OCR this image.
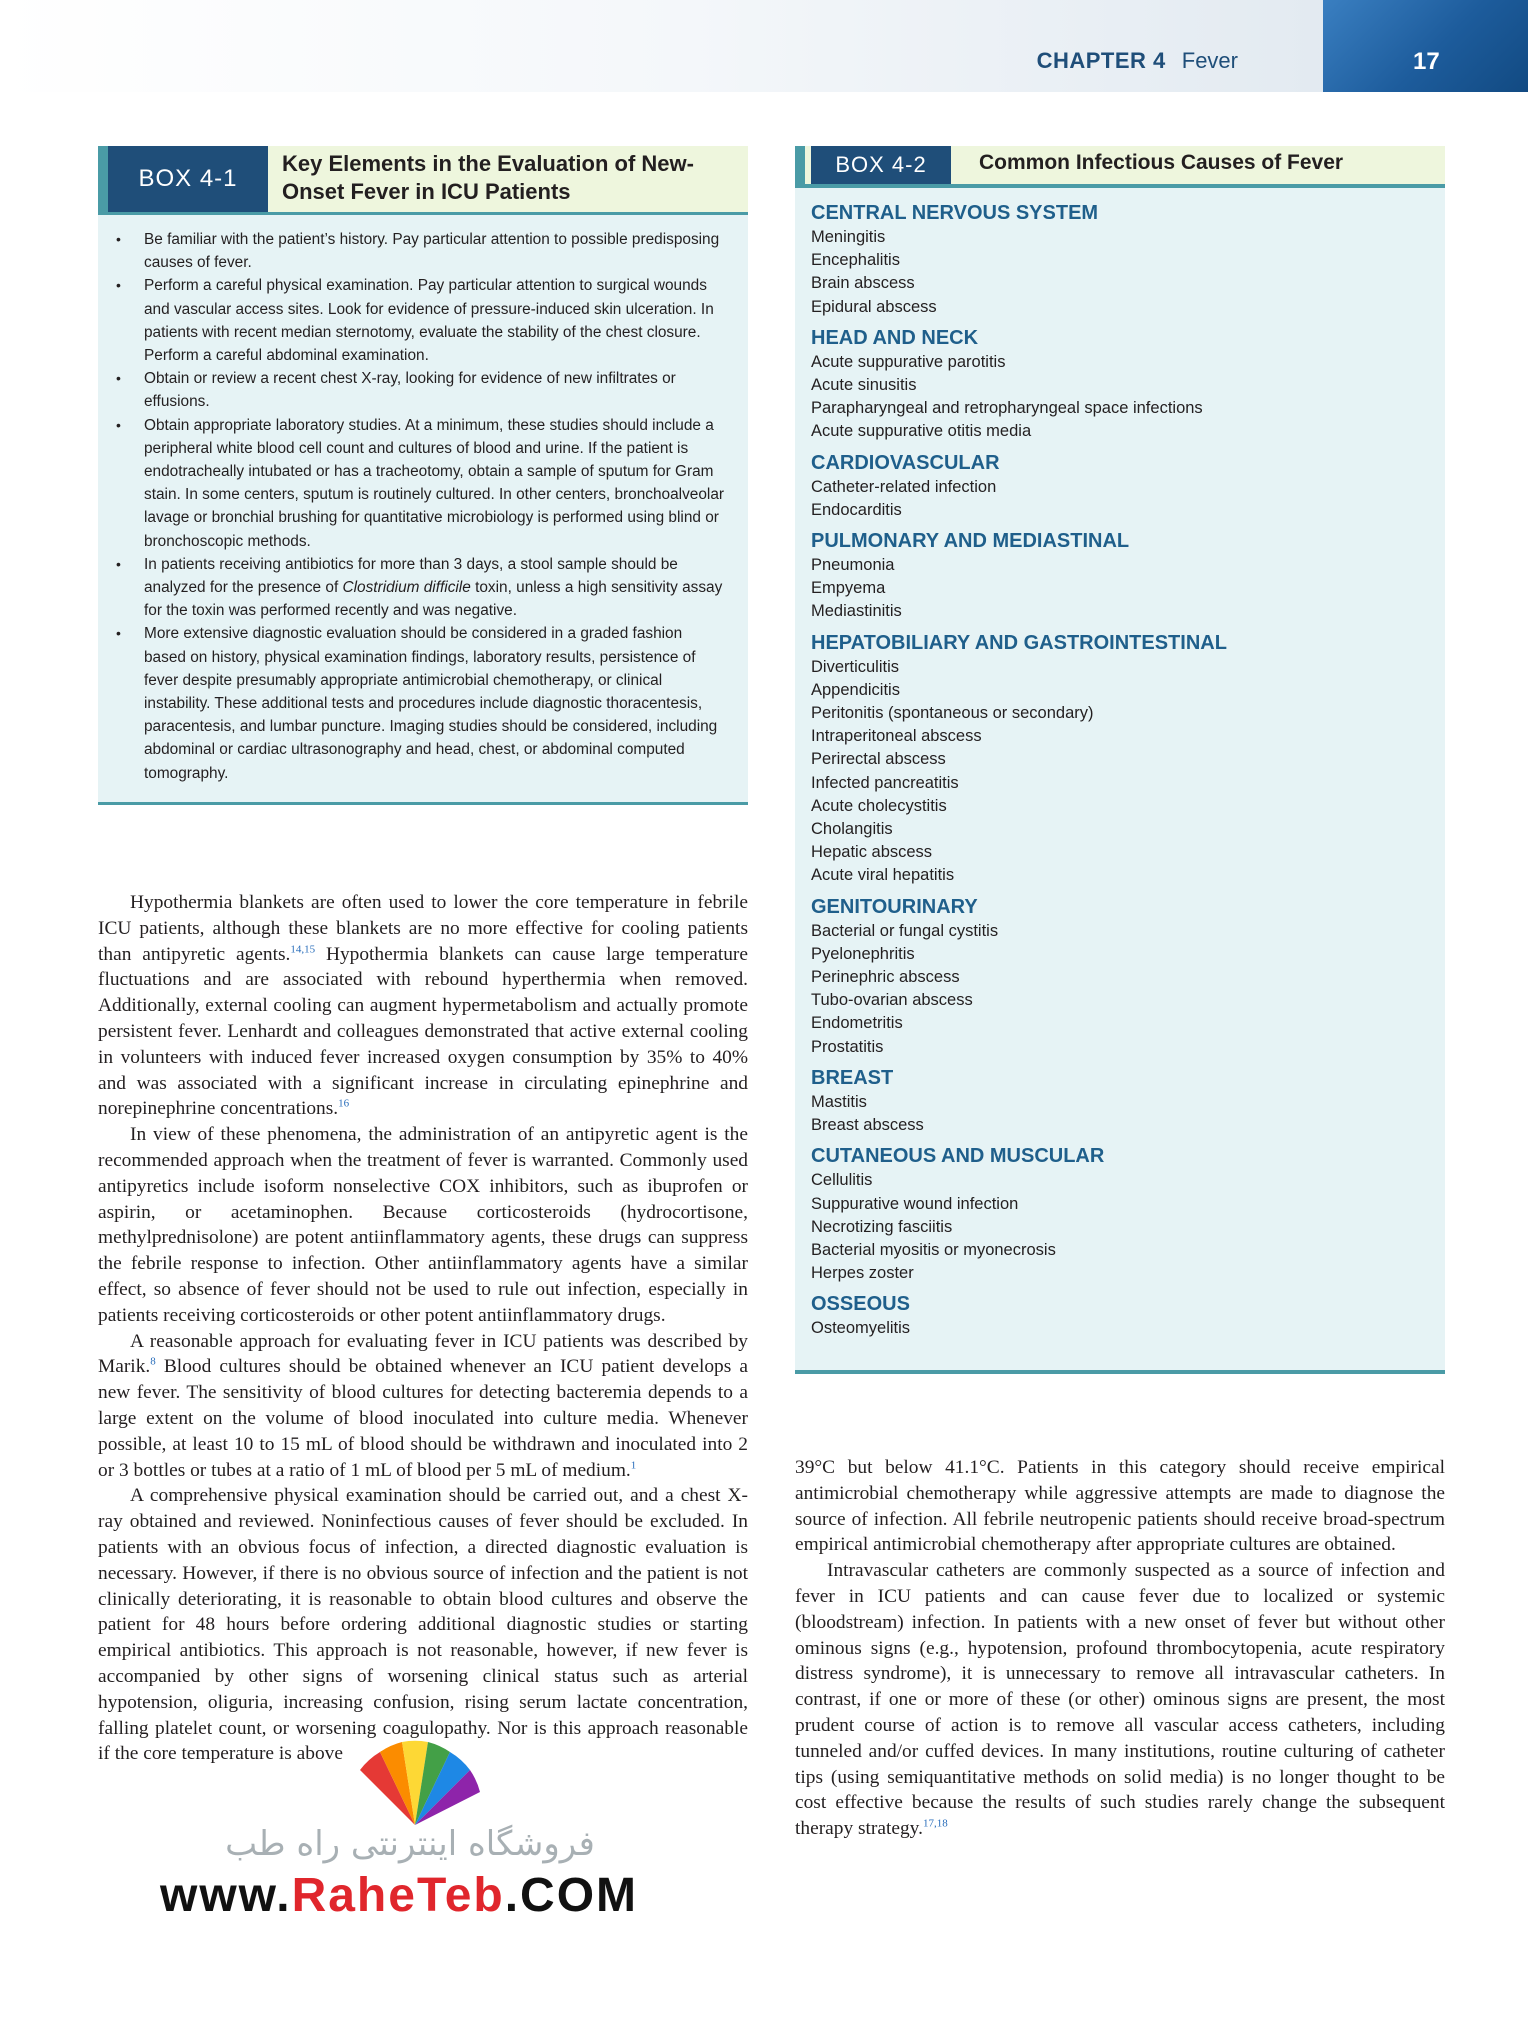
CHAPTER 4 Fever	17
BOX 4-1
Key Elements in the Evaluation of New-Onset Fever in ICU Patients
• Be familiar with the patient’s history. Pay particular attention to possible predisposing causes of fever.
• Perform a careful physical examination. Pay particular attention to surgical wounds and vascular access sites. Look for evidence of pressure-induced skin ulceration. In patients with recent median sternotomy, evaluate the stability of the chest closure. Perform a careful abdominal examination.
• Obtain or review a recent chest X-ray, looking for evidence of new infiltrates or effusions.
• Obtain appropriate laboratory studies. At a minimum, these studies should include a peripheral white blood cell count and cultures of blood and urine. If the patient is endotracheally intubated or has a tracheotomy, obtain a sample of sputum for Gram stain. In some centers, sputum is routinely cultured. In other centers, bronchoalveolar lavage or bronchial brushing for quantitative microbiology is performed using blind or bronchoscopic methods.
• In patients receiving antibiotics for more than 3 days, a stool sample should be analyzed for the presence of Clostridium difficile toxin, unless a high sensitivity assay for the toxin was performed recently and was negative.
• More extensive diagnostic evaluation should be considered in a graded fashion based on history, physical examination findings, laboratory results, persistence of fever despite presumably appropriate antimicrobial chemotherapy, or clinical instability. These additional tests and procedures include diagnostic thoracentesis, paracentesis, and lumbar puncture. Imaging studies should be considered, including abdominal or cardiac ultrasonography and head, chest, or abdominal computed tomography.
BOX 4-2	Common Infectious Causes of Fever
CENTRAL NERVOUS SYSTEM
Meningitis
Encephalitis
Brain abscess
Epidural abscess
HEAD AND NECK
Acute suppurative parotitis
Acute sinusitis
Parapharyngeal and retropharyngeal space infections
Acute suppurative otitis media
CARDIOVASCULAR
Catheter-related infection
Endocarditis
PULMONARY AND MEDIASTINAL
Pneumonia
Empyema
Mediastinitis
HEPATOBILIARY AND GASTROINTESTINAL
Diverticulitis
Appendicitis
Peritonitis (spontaneous or secondary)
Intraperitoneal abscess
Perirectal abscess
Infected pancreatitis
Acute cholecystitis
Cholangitis
Hepatic abscess
Acute viral hepatitis
GENITOURINARY
Bacterial or fungal cystitis
Pyelonephritis
Perinephric abscess
Tubo-ovarian abscess
Endometritis
Prostatitis
BREAST
Mastitis
Breast abscess
CUTANEOUS AND MUSCULAR
Cellulitis
Suppurative wound infection
Necrotizing fasciitis
Bacterial myositis or myonecrosis
Herpes zoster
OSSEOUS
Osteomyelitis

Hypothermia blankets are often used to lower the core temperature in febrile ICU patients, although these blankets are no more effective for cooling patients than antipyretic agents.$^{14,15}$ Hypothermia blankets can cause large temperature fluctuations and are associated with rebound hyperthermia when removed. Additionally, external cooling can augment hypermetabolism and actually promote persistent fever. Lenhardt and colleagues demonstrated that active external cooling in volunteers with induced fever increased oxygen consumption by 35% to 40% and was associated with a significant increase in circulating epinephrine and norepinephrine concentrations.$^{16}$

In view of these phenomena, the administration of an antipyretic agent is the recommended approach when the treatment of fever is warranted. Commonly used antipyretics include isoform nonselective COX inhibitors, such as ibuprofen or aspirin, or acetaminophen. Because corticosteroids (hydrocortisone, methylprednisolone) are potent antiinflammatory agents, these drugs can suppress the febrile response to infection. Other antiinflammatory agents have a similar effect, so absence of fever should not be used to rule out infection, especially in patients receiving corticosteroids or other potent antiinflammatory drugs.

A reasonable approach for evaluating fever in ICU patients was described by Marik.$^8$ Blood cultures should be obtained whenever an ICU patient develops a new fever. The sensitivity of blood cultures for detecting bacteremia depends to a large extent on the volume of blood inoculated into culture media. Whenever possible, at least 10 to 15 mL of blood should be withdrawn and inoculated into 2 or 3 bottles or tubes at a ratio of 1 mL of blood per 5 mL of medium.$^1$

A comprehensive physical examination should be carried out, and a chest X-ray obtained and reviewed. Noninfectious causes of fever should be excluded. In patients with an obvious focus of infection, a directed diagnostic evaluation is necessary. However, if there is no obvious source of infection and the patient is not clinically deteriorating, it is reasonable to obtain blood cultures and observe the patient for 48 hours before ordering additional diagnostic studies or starting empirical antibiotics. This approach is not reasonable, however, if new fever is accompanied by other signs of worsening clinical status such as arterial hypotension, oliguria, increasing confusion, rising serum lactate concentration, falling platelet count, or worsening coagulopathy. Nor is this approach reasonable if the core temperature is above

39°C but below 41.1°C. Patients in this category should receive empirical antimicrobial chemotherapy while aggressive attempts are made to diagnose the source of infection. All febrile neutropenic patients should receive broad-spectrum empirical antimicrobial chemotherapy after appropriate cultures are obtained.

Intravascular catheters are commonly suspected as a source of infection and fever in ICU patients and can cause fever due to localized or systemic (bloodstream) infection. In patients with a new onset of fever but without other ominous signs (e.g., hypotension, profound thrombocytopenia, acute respiratory distress syndrome), it is unnecessary to remove all intravascular catheters. In contrast, if one or more of these (or other) ominous signs are present, the most prudent course of action is to remove all vascular access catheters, including tunneled and/or cuffed devices. In many institutions, routine culturing of catheter tips (using semiquantitative methods on solid media) is no longer thought to be cost effective because the results of such studies rarely change the subsequent therapy strategy.$^{17,18}$

فروشگاه اینترنتی راه طب
www.RaheTeb.COM
